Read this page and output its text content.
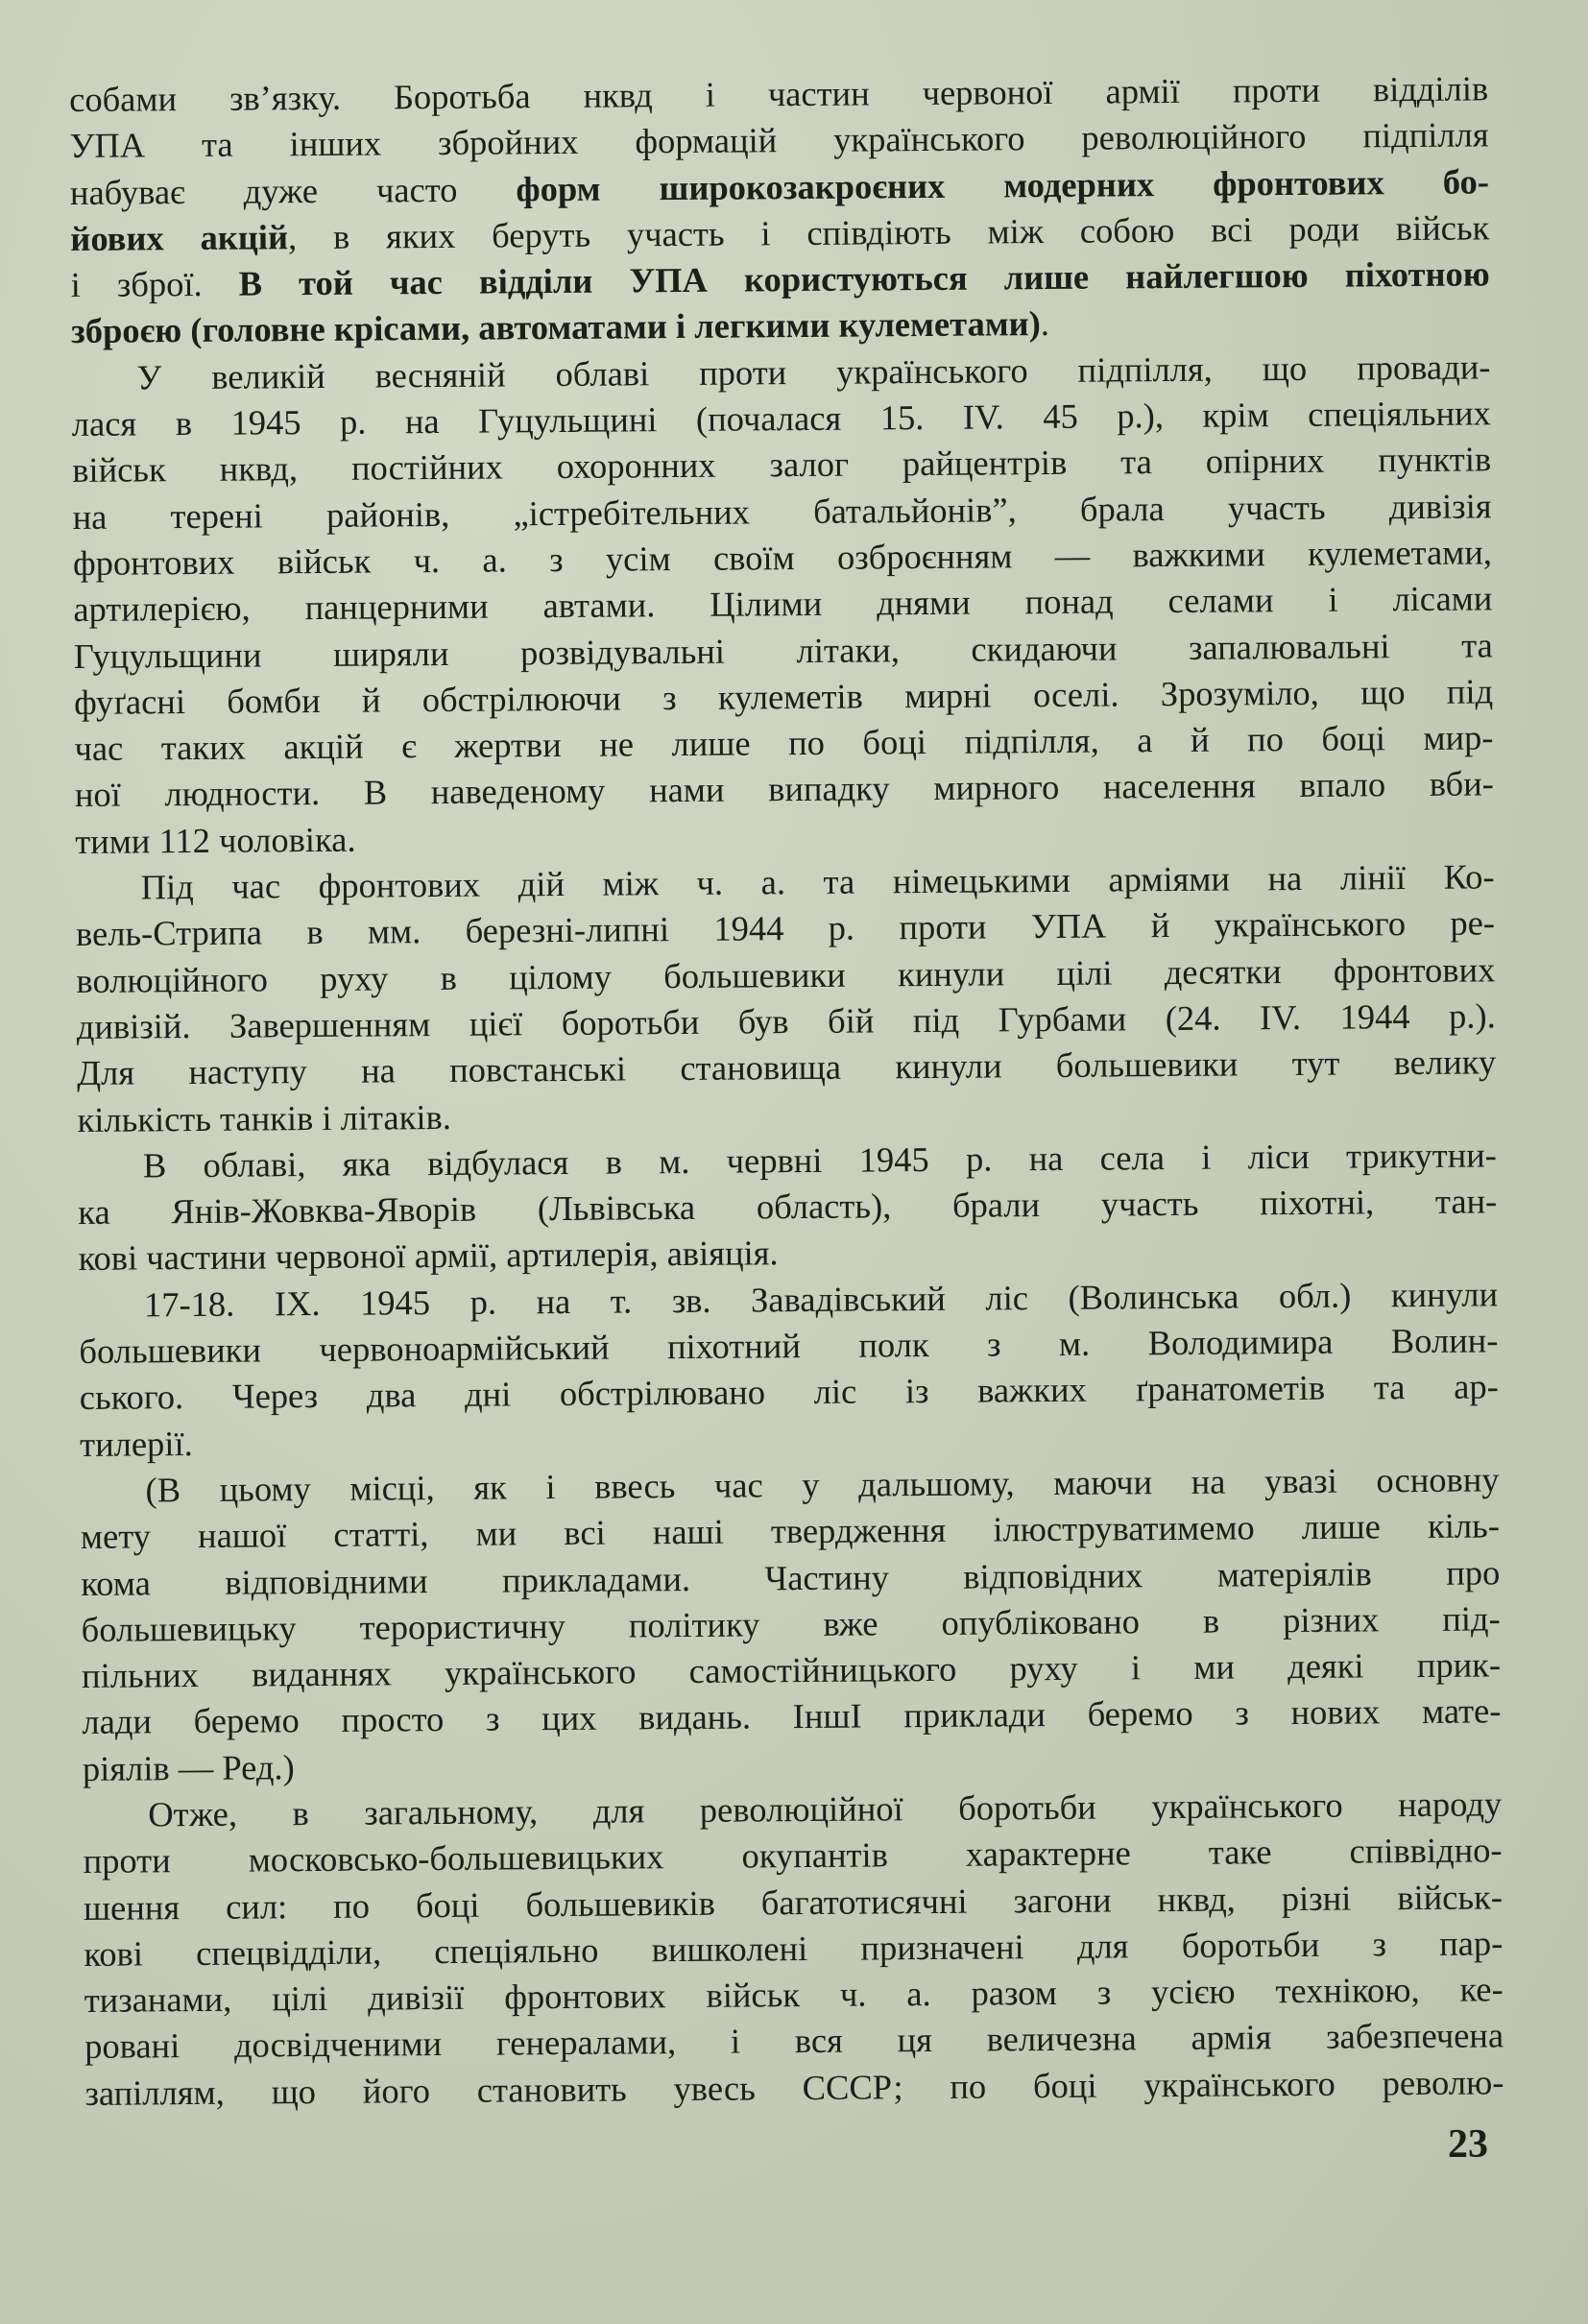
собами зв’язку. Боротьба нквд і частин червоної армії проти відділів
УПА та інших збройних формацій українського революційного підпілля
набуває дуже часто форм широкозакроєних модерних фронтових бо-
йових акцій, в яких беруть участь і співдіють між собою всі роди військ
і зброї. В той час відділи УПА користуються лише найлегшою піхотною
зброєю (головне крісами, автоматами і легкими кулеметами).
У великій весняній облаві проти українського підпілля, що провади-
лася в 1945 р. на Гуцульщині (почалася 15. IV. 45 р.), крім спеціяльних
військ нквд, постійних охоронних залог райцентрів та опірних пунктів
на терені районів, „істребітельних батальйонів”, брала участь дивізія
фронтових військ ч. а. з усім своїм озброєнням — важкими кулеметами,
артилерією, панцерними автами. Цілими днями понад селами і лісами
Гуцульщини ширяли розвідувальні літаки, скидаючи запалювальні та
фуґасні бомби й обстрілюючи з кулеметів мирні оселі. Зрозуміло, що під
час таких акцій є жертви не лише по боці підпілля, а й по боці мир-
ної людности. В наведеному нами випадку мирного населення впало вби-
тими 112 чоловіка.
Під час фронтових дій між ч. а. та німецькими арміями на лінії Ко-
вель-Стрипа в мм. березні-липні 1944 р. проти УПА й українського ре-
волюційного руху в цілому большевики кинули цілі десятки фронтових
дивізій. Завершенням цієї боротьби був бій під Гурбами (24. IV. 1944 р.).
Для наступу на повстанські становища кинули большевики тут велику
кількість танків і літаків.
В облаві, яка відбулася в м. червні 1945 р. на села і ліси трикутни-
ка Янів-Жовква-Яворів (Львівська область), брали участь піхотні, тан-
кові частини червоної армії, артилерія, авіяція.
17-18. IX. 1945 р. на т. зв. Завадівський ліс (Волинська обл.) кинули
большевики червоноармійський піхотний полк з м. Володимира Волин-
ського. Через два дні обстрілювано ліс із важких ґранатометів та ар-
тилерії.
(В цьому місці, як і ввесь час у дальшому, маючи на увазі основну
мету нашої статті, ми всі наші твердження ілюструватимемо лише кіль-
кома відповідними прикладами. Частину відповідних матеріялів про
большевицьку терористичну політику вже опубліковано в різних під-
пільних виданнях українського самостійницького руху і ми деякі прик-
лади беремо просто з цих видань. ІншІ приклади беремо з нових мате-
ріялів — Ред.)
Отже, в загальному, для революційної боротьби українського народу
проти московсько-большевицьких окупантів характерне таке співвідно-
шення сил: по боці большевиків багатотисячні загони нквд, різні військ-
кові спецвідділи, спеціяльно вишколені призначені для боротьби з пар-
тизанами, цілі дивізії фронтових військ ч. а. разом з усією технікою, ке-
ровані досвідченими генералами, і вся ця величезна армія забезпечена
запіллям, що його становить увесь СССР; по боці українського револю-
23
